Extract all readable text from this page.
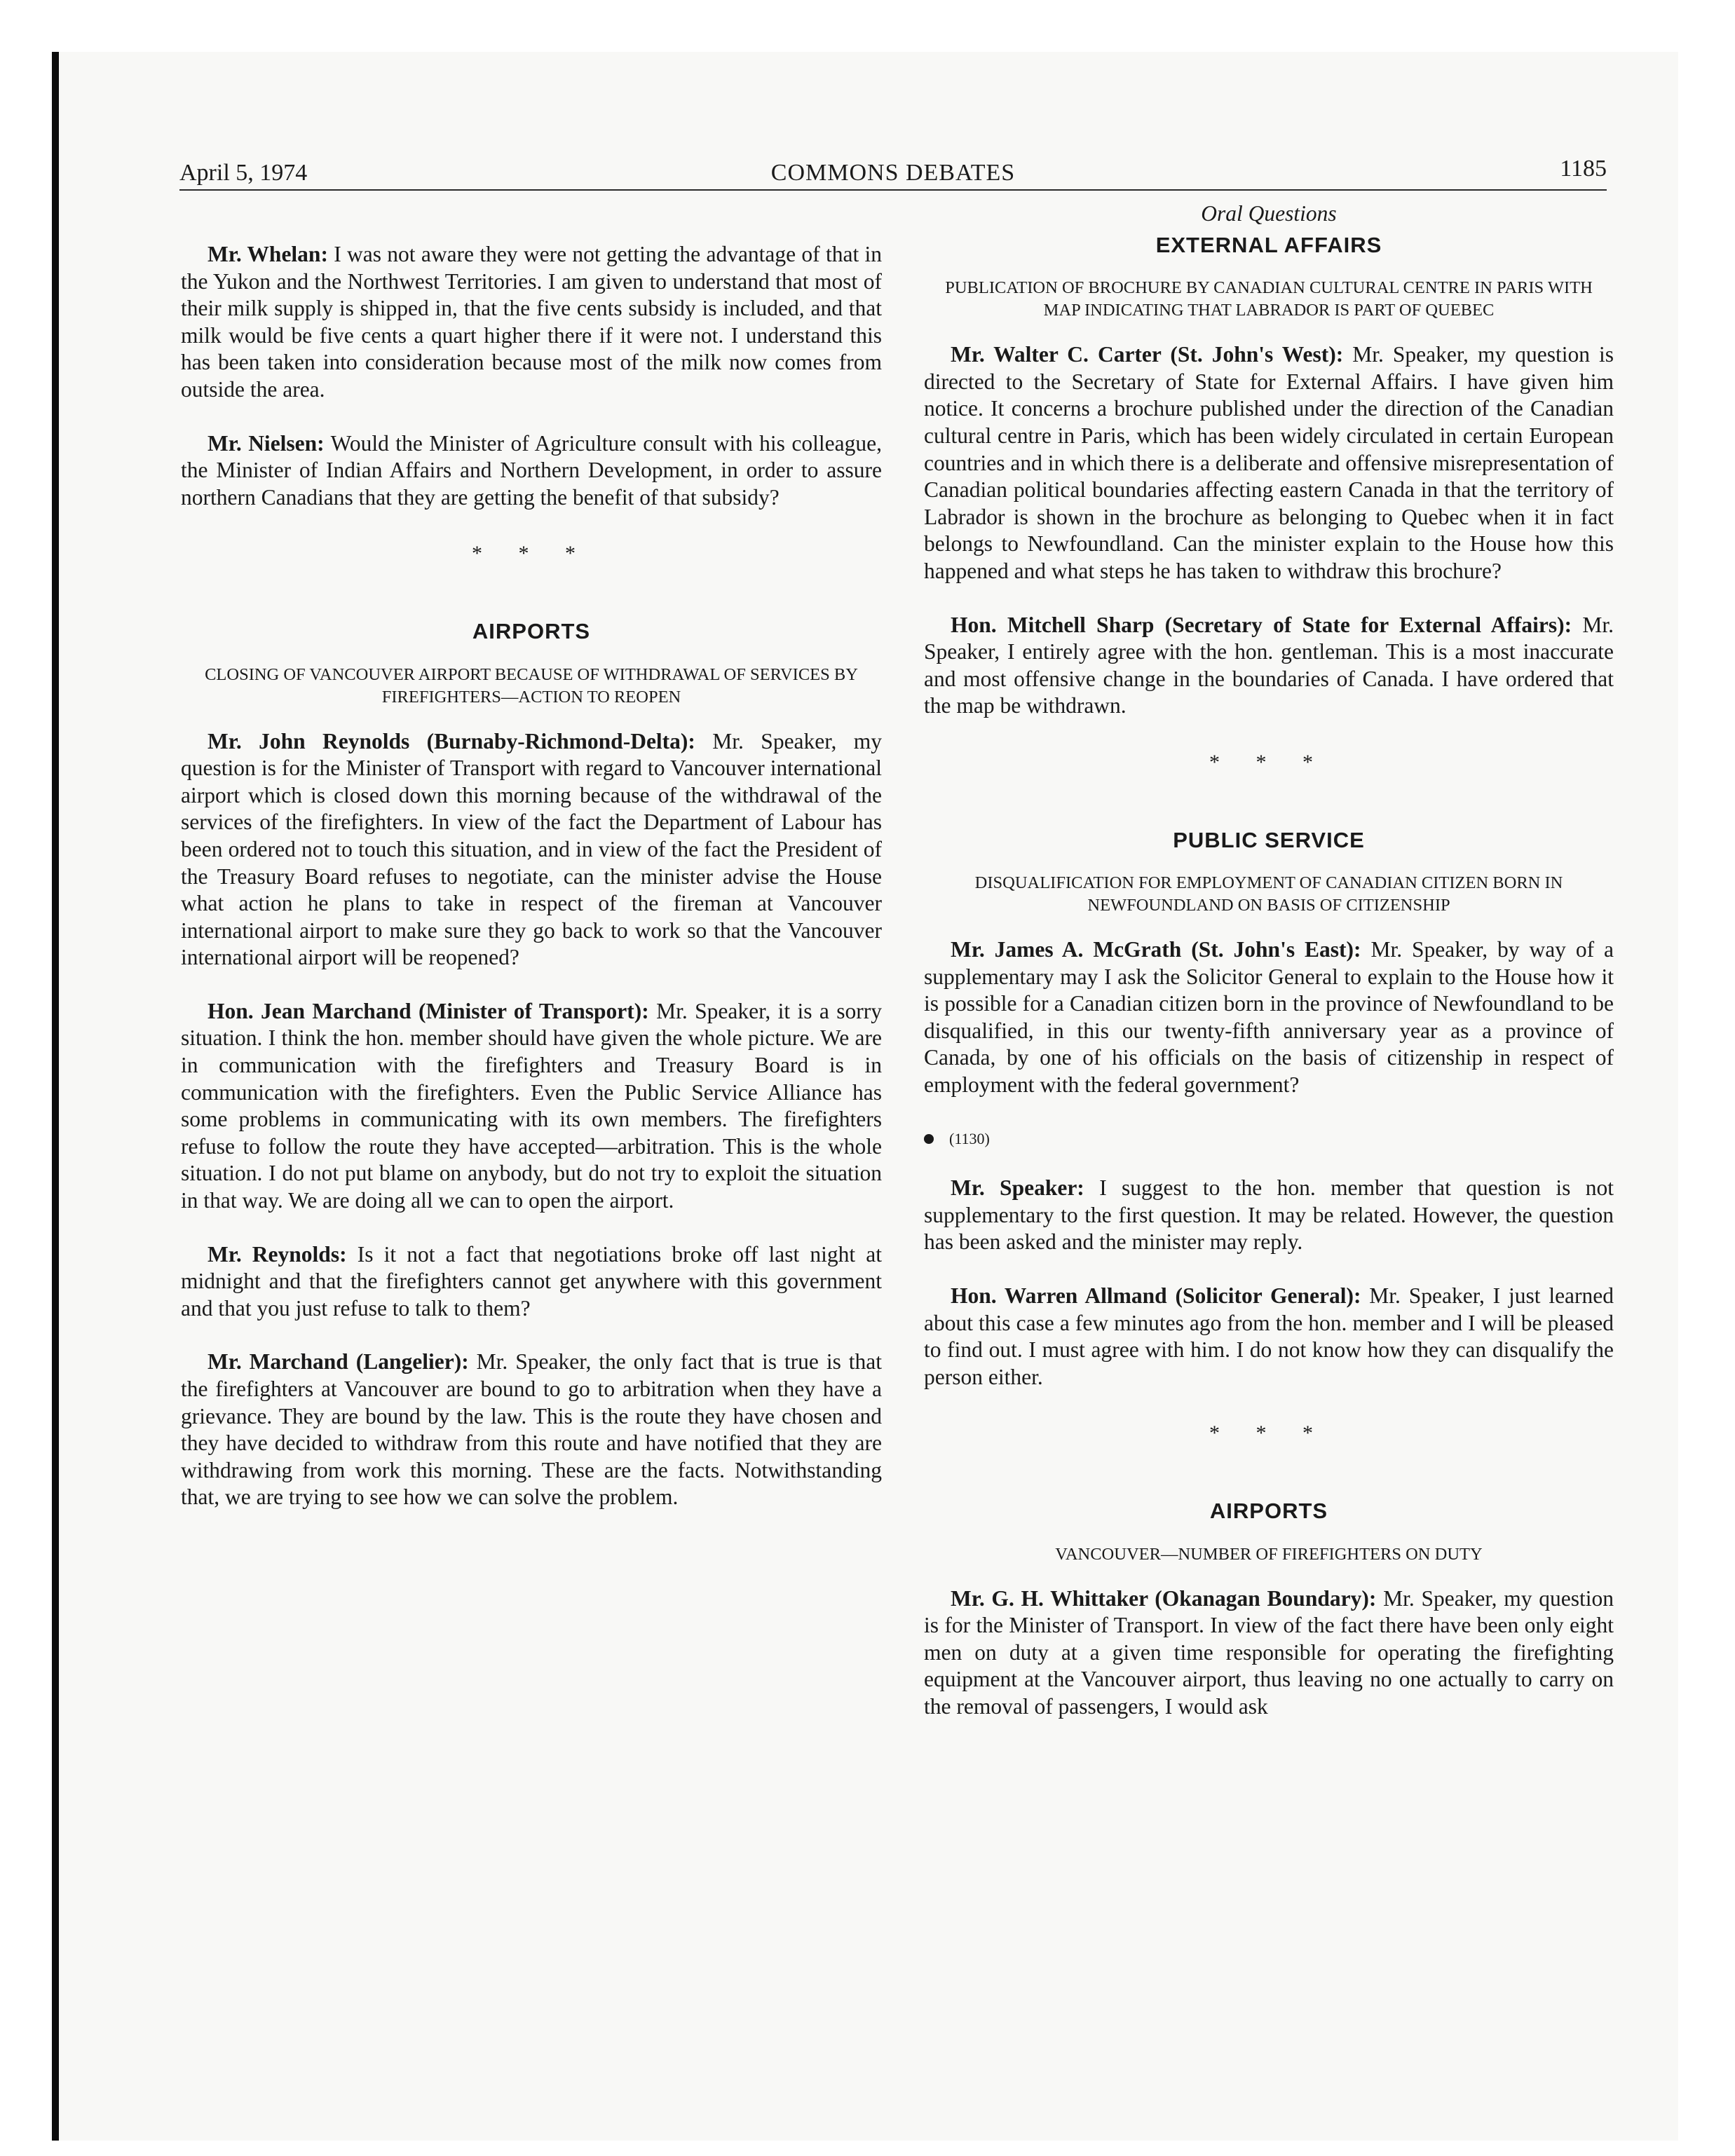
April 5, 1974	COMMONS DEBATES	1185

Mr. Whelan: I was not aware they were not getting the advantage of that in the Yukon and the Northwest Territories. I am given to understand that most of their milk supply is shipped in, that the five cents subsidy is included, and that milk would be five cents a quart higher there if it were not. I understand this has been taken into consideration because most of the milk now comes from outside the area.

Mr. Nielsen: Would the Minister of Agriculture consult with his colleague, the Minister of Indian Affairs and Northern Development, in order to assure northern Canadians that they are getting the benefit of that subsidy?

* * *
AIRPORTS
CLOSING OF VANCOUVER AIRPORT BECAUSE OF WITHDRAWAL OF SERVICES BY FIREFIGHTERS—ACTION TO REOPEN

Mr. John Reynolds (Burnaby-Richmond-Delta): Mr. Speaker, my question is for the Minister of Transport with regard to Vancouver international airport which is closed down this morning because of the withdrawal of the services of the firefighters. In view of the fact the Department of Labour has been ordered not to touch this situation, and in view of the fact the President of the Treasury Board refuses to negotiate, can the minister advise the House what action he plans to take in respect of the fireman at Vancouver international airport to make sure they go back to work so that the Vancouver international airport will be reopened?

Hon. Jean Marchand (Minister of Transport): Mr. Speaker, it is a sorry situation. I think the hon. member should have given the whole picture. We are in communication with the firefighters and Treasury Board is in communication with the firefighters. Even the Public Service Alliance has some problems in communicating with its own members. The firefighters refuse to follow the route they have accepted—arbitration. This is the whole situation. I do not put blame on anybody, but do not try to exploit the situation in that way. We are doing all we can to open the airport.

Mr. Reynolds: Is it not a fact that negotiations broke off last night at midnight and that the firefighters cannot get anywhere with this government and that you just refuse to talk to them?

Mr. Marchand (Langelier): Mr. Speaker, the only fact that is true is that the firefighters at Vancouver are bound to go to arbitration when they have a grievance. They are bound by the law. This is the route they have chosen and they have decided to withdraw from this route and have notified that they are withdrawing from work this morning. These are the facts. Notwithstanding that, we are trying to see how we can solve the problem.

Oral Questions
EXTERNAL AFFAIRS
PUBLICATION OF BROCHURE BY CANADIAN CULTURAL CENTRE IN PARIS WITH MAP INDICATING THAT LABRADOR IS PART OF QUEBEC

Mr. Walter C. Carter (St. John's West): Mr. Speaker, my question is directed to the Secretary of State for External Affairs. I have given him notice. It concerns a brochure published under the direction of the Canadian cultural centre in Paris, which has been widely circulated in certain European countries and in which there is a deliberate and offensive misrepresentation of Canadian political boundaries affecting eastern Canada in that the territory of Labrador is shown in the brochure as belonging to Quebec when it in fact belongs to Newfoundland. Can the minister explain to the House how this happened and what steps he has taken to withdraw this brochure?

Hon. Mitchell Sharp (Secretary of State for External Affairs): Mr. Speaker, I entirely agree with the hon. gentleman. This is a most inaccurate and most offensive change in the boundaries of Canada. I have ordered that the map be withdrawn.

* * *
PUBLIC SERVICE
DISQUALIFICATION FOR EMPLOYMENT OF CANADIAN CITIZEN BORN IN NEWFOUNDLAND ON BASIS OF CITIZENSHIP

Mr. James A. McGrath (St. John's East): Mr. Speaker, by way of a supplementary may I ask the Solicitor General to explain to the House how it is possible for a Canadian citizen born in the province of Newfoundland to be disqualified, in this our twenty-fifth anniversary year as a province of Canada, by one of his officials on the basis of citizenship in respect of employment with the federal government?

(1130)

Mr. Speaker: I suggest to the hon. member that question is not supplementary to the first question. It may be related. However, the question has been asked and the minister may reply.

Hon. Warren Allmand (Solicitor General): Mr. Speaker, I just learned about this case a few minutes ago from the hon. member and I will be pleased to find out. I must agree with him. I do not know how they can disqualify the person either.

* * *
AIRPORTS
VANCOUVER—NUMBER OF FIREFIGHTERS ON DUTY

Mr. G. H. Whittaker (Okanagan Boundary): Mr. Speaker, my question is for the Minister of Transport. In view of the fact there have been only eight men on duty at a given time responsible for operating the firefighting equipment at the Vancouver airport, thus leaving no one actually to carry on the removal of passengers, I would ask
